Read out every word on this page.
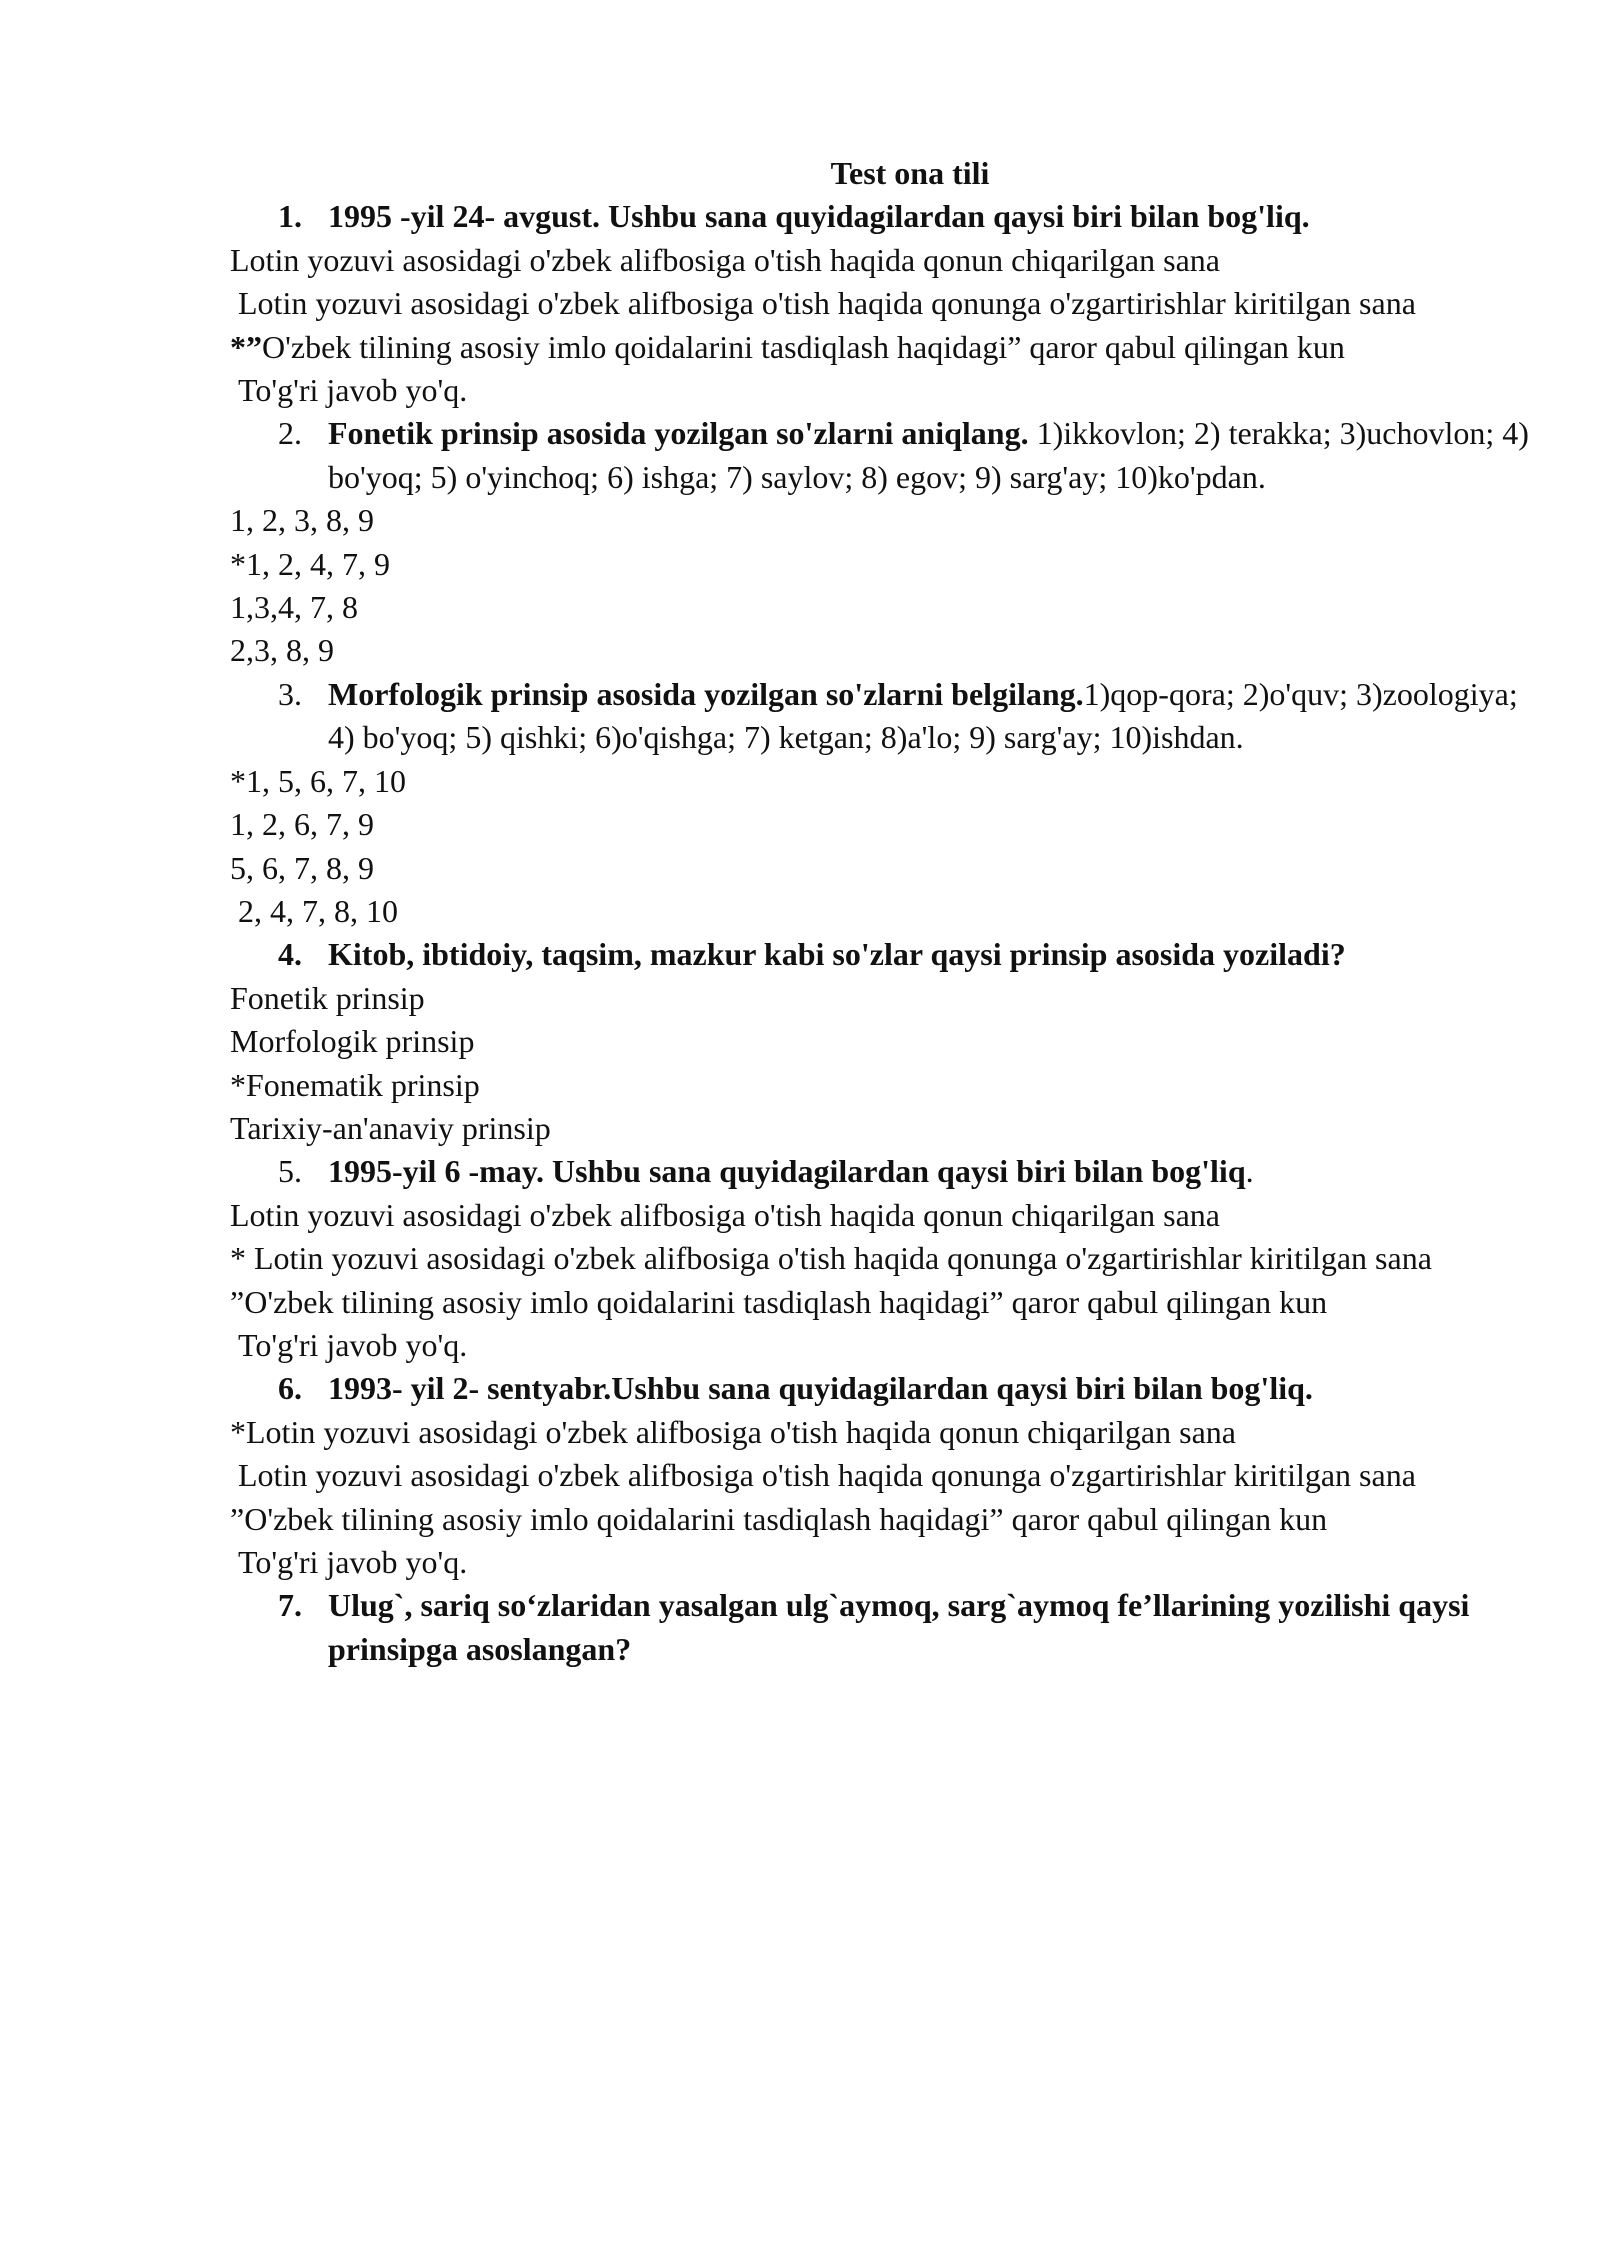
Test ona tili
1. 1995 -yil 24- avgust. Ushbu sana quyidagilardan qaysi biri bilan bog'liq.
Lotin yozuvi asosidagi o'zbek alifbosiga o'tish haqida qonun chiqarilgan sana
Lotin yozuvi asosidagi o'zbek alifbosiga o'tish haqida qonunga o'zgartirishlar kiritilgan sana
*”O'zbek tilining asosiy imlo qoidalarini tasdiqlash haqidagi” qaror qabul qilingan kun
To'g'ri javob yo'q.
2. Fonetik prinsip asosida yozilgan so'zlarni aniqlang. 1)ikkovlon; 2) terakka; 3)uchovlon; 4) bo'yoq; 5) o'yinchoq; 6) ishga; 7) saylov; 8) egov; 9) sarg'ay; 10)ko'pdan.
1, 2, 3, 8, 9
*1, 2, 4, 7, 9
1,3,4, 7, 8
2,3, 8, 9
3. Morfologik prinsip asosida yozilgan so'zlarni belgilang.1)qop-qora; 2)o'quv; 3)zoologiya; 4) bo'yoq; 5) qishki; 6)o'qishga; 7) ketgan; 8)a'lo; 9) sarg'ay; 10)ishdan.
*1, 5, 6, 7, 10
1, 2, 6, 7, 9
5, 6, 7, 8, 9
2, 4, 7, 8, 10
4. Kitob, ibtidoiy, taqsim, mazkur kabi so'zlar qaysi prinsip asosida yoziladi?
Fonetik prinsip
Morfologik prinsip
*Fonematik prinsip
Tarixiy-an'anaviy prinsip
5. 1995-yil 6 -may. Ushbu sana quyidagilardan qaysi biri bilan bog'liq.
Lotin yozuvi asosidagi o'zbek alifbosiga o'tish haqida qonun chiqarilgan sana
* Lotin yozuvi asosidagi o'zbek alifbosiga o'tish haqida qonunga o'zgartirishlar kiritilgan sana
”O'zbek tilining asosiy imlo qoidalarini tasdiqlash haqidagi” qaror qabul qilingan kun
To'g'ri javob yo'q.
6. 1993- yil 2- sentyabr.Ushbu sana quyidagilardan qaysi biri bilan bog'liq.
*Lotin yozuvi asosidagi o'zbek alifbosiga o'tish haqida qonun chiqarilgan sana
Lotin yozuvi asosidagi o'zbek alifbosiga o'tish haqida qonunga o'zgartirishlar kiritilgan sana
”O'zbek tilining asosiy imlo qoidalarini tasdiqlash haqidagi” qaror qabul qilingan kun
To'g'ri javob yo'q.
7. Ulug`, sariq so‘zlaridan yasalgan ulg`aymoq, sarg`aymoq fe’llarining yozilishi qaysi prinsipga asoslangan?
